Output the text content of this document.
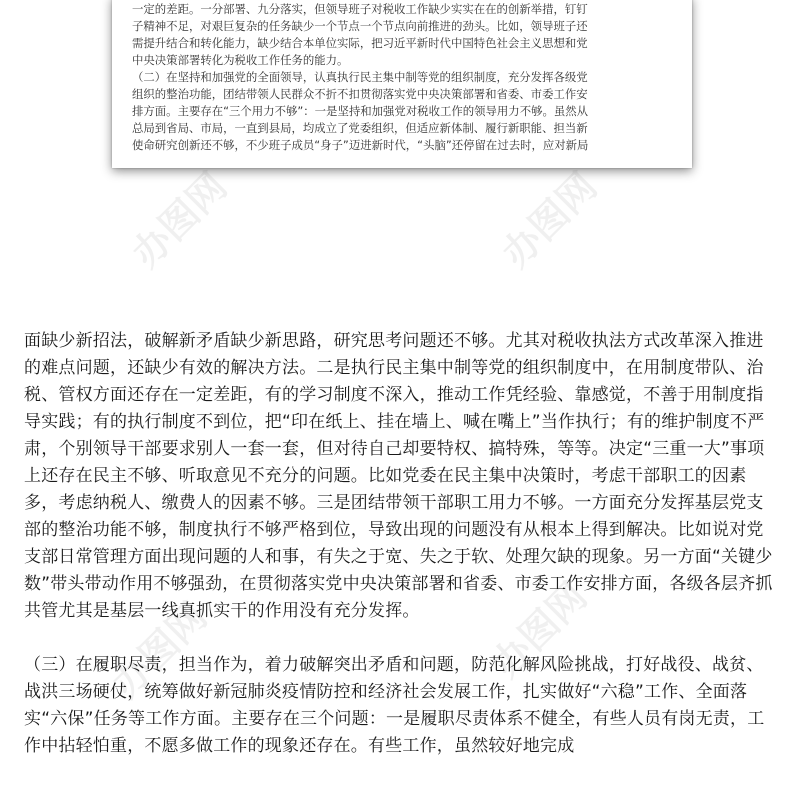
一定的差距。一分部署、九分落实，但领导班子对税收工作缺少实实在在的创新举措，钉钉

子精神不足，对艰巨复杂的任务缺少一个节点一个节点向前推进的劲头。比如，领导班子还

需提升结合和转化能力，缺少结合本单位实际，把习近平新时代中国特色社会主义思想和党

中央决策部署转化为税收工作任务的能力。

（二）在坚持和加强党的全面领导，认真执行民主集中制等党的组织制度，充分发挥各级党

组织的整治功能，团结带领人民群众不折不扣贯彻落实党中央决策部署和省委、市委工作安

排方面。主要存在“三个用力不够”：一是坚持和加强党对税收工作的领导用力不够。虽然从

总局到省局、市局，一直到县局，均成立了党委组织，但适应新体制、履行新职能、担当新

使命研究创新还不够，不少班子成员“身子”迈进新时代，“头脑”还停留在过去时，应对新局

办图网
办图网

面缺少新招法，破解新矛盾缺少新思路，研究思考问题还不够。尤其对税收执法方式改革深入推进的难点问题，还缺少有效的解决方法。二是执行民主集中制等党的组织制度中，在用制度带队、治税、管权方面还存在一定差距，有的学习制度不深入，推动工作凭经验、靠感觉，不善于用制度指导实践；有的执行制度不到位，把“印在纸上、挂在墙上、喊在嘴上”当作执行；有的维护制度不严肃，个别领导干部要求别人一套一套，但对待自己却要特权、搞特殊，等等。决定“三重一大”事项上还存在民主不够、听取意见不充分的问题。比如党委在民主集中决策时，考虑干部职工的因素多，考虑纳税人、缴费人的因素不够。三是团结带领干部职工用力不够。一方面充分发挥基层党支部的整治功能不够，制度执行不够严格到位，导致出现的问题没有从根本上得到解决。比如说对党支部日常管理方面出现问题的人和事，有失之于宽、失之于软、处理欠缺的现象。另一方面“关键少数”带头带动作用不够强劲，在贯彻落实党中央决策部署和省委、市委工作安排方面，各级各层齐抓共管尤其是基层一线真抓实干的作用没有充分发挥。

（三）在履职尽责，担当作为，着力破解突出矛盾和问题，防范化解风险挑战，打好战役、战贫、战洪三场硬仗，统筹做好新冠肺炎疫情防控和经济社会发展工作，扎实做好“六稳”工作、全面落实“六保”任务等工作方面。主要存在三个问题：一是履职尽责体系不健全，有些人员有岗无责，工作中拈轻怕重，不愿多做工作的现象还存在。有些工作，虽然较好地完成
